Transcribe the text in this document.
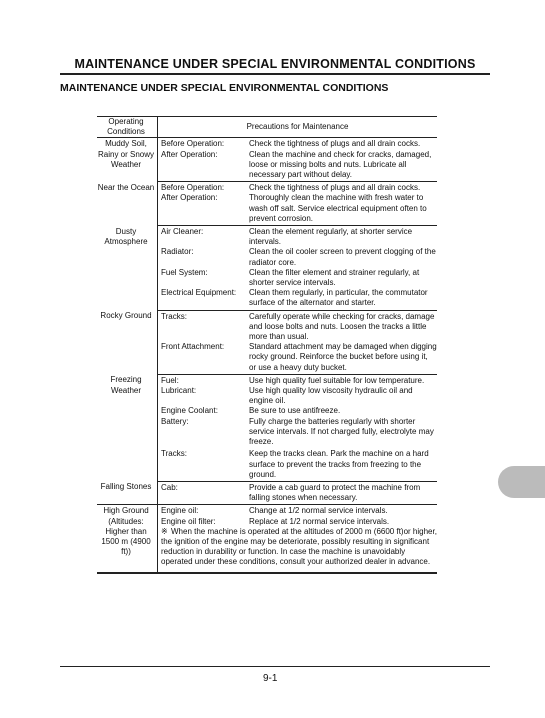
MAINTENANCE UNDER SPECIAL ENVIRONMENTAL CONDITIONS
MAINTENANCE UNDER SPECIAL ENVIRONMENTAL CONDITIONS
Operating Conditions	Precautions for Maintenance	
Muddy Soil, Rainy or Snowy Weather	Before Operation:	Check the tightness of plugs and all drain cocks.
	After Operation:	Clean the machine and check for cracks, damaged, loose or missing bolts and nuts. Lubricate all necessary part without delay.
Near the Ocean	Before Operation:	Check the tightness of plugs and all drain cocks.
	After Operation:	Thoroughly clean the machine with fresh water to wash off salt. Service electrical equipment often to prevent corrosion.
Dusty Atmosphere	Air Cleaner:	Clean the element regularly, at shorter service intervals.
	Radiator:	Clean the oil cooler screen to prevent clogging of the radiator core.
	Fuel System:	Clean the filter element and strainer regularly, at shorter service intervals.
	Electrical Equipment:	Clean them regularly, in particular, the commutator surface of the alternator and starter.
Rocky Ground	Tracks:	Carefully operate while checking for cracks, damage and loose bolts and nuts. Loosen the tracks a little more than usual.
	Front Attachment:	Standard attachment may be damaged when digging rocky ground. Reinforce the bucket before using it, or use a heavy duty bucket.
Freezing Weather	Fuel:	Use high quality fuel suitable for low temperature.
	Lubricant:	Use high quality low viscosity hydraulic oil and engine oil.
	Engine Coolant:	Be sure to use antifreeze.
	Battery:	Fully charge the batteries regularly with shorter service intervals. If not charged fully, electrolyte may freeze.
	Tracks:	Keep the tracks clean. Park the machine on a hard surface to prevent the tracks from freezing to the ground.
Falling Stones	Cab:	Provide a cab guard to protect the machine from falling stones when necessary.
High Ground (Altitudes: Higher than 1500 m (4900 ft))	Engine oil:	Change at 1/2 normal service intervals.
	Engine oil filter:	Replace at 1/2 normal service intervals.
	※ When the machine is operated at the altitudes of 2000 m (6600 ft)or higher, the ignition of the engine may be deteriorate, possibly resulting in significant reduction in durability or function. In case the machine is unavoidably operated under these conditions, consult your authorized dealer in advance.	
9-1
